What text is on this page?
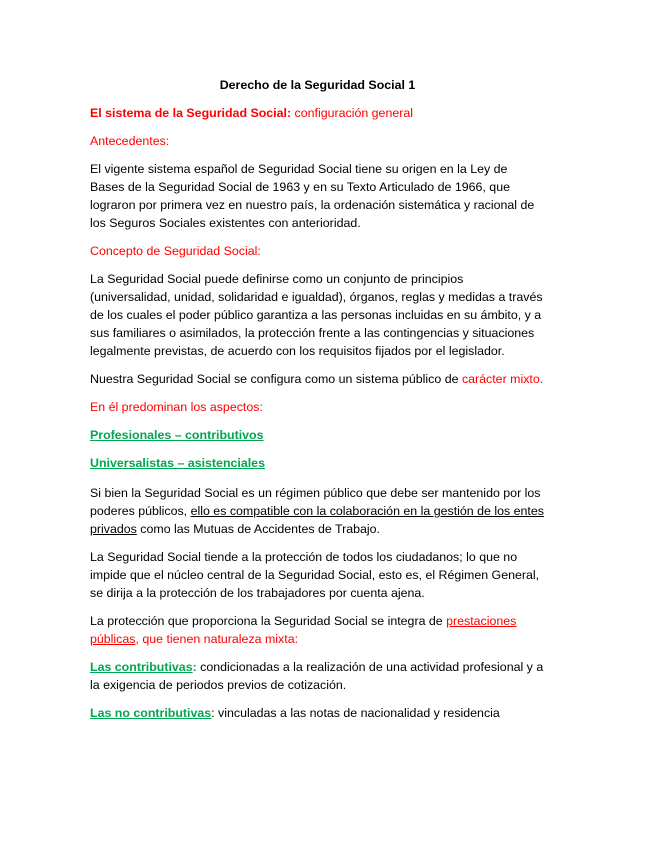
Derecho de la Seguridad Social 1

El sistema de la Seguridad Social: configuración general

Antecedentes:

El vigente sistema español de Seguridad Social tiene su origen en la Ley de Bases de la Seguridad Social de 1963 y en su Texto Articulado de 1966, que lograron por primera vez en nuestro país, la ordenación sistemática y racional de los Seguros Sociales existentes con anterioridad.

Concepto de Seguridad Social:

La Seguridad Social puede definirse como un conjunto de principios (universalidad, unidad, solidaridad e igualdad), órganos, reglas y medidas a través de los cuales el poder público garantiza a las personas incluidas en su ámbito, y a sus familiares o asimilados, la protección frente a las contingencias y situaciones legalmente previstas, de acuerdo con los requisitos fijados por el legislador.

Nuestra Seguridad Social se configura como un sistema público de carácter mixto.

En él predominan los aspectos:

Profesionales – contributivos

Universalistas – asistenciales

Si bien la Seguridad Social es un régimen público que debe ser mantenido por los poderes públicos, ello es compatible con la colaboración en la gestión de los entes privados como las Mutuas de Accidentes de Trabajo.

La Seguridad Social tiende a la protección de todos los ciudadanos; lo que no impide que el núcleo central de la Seguridad Social, esto es, el Régimen General, se dirija a la protección de los trabajadores por cuenta ajena.

La protección que proporciona la Seguridad Social se integra de prestaciones públicas, que tienen naturaleza mixta:

Las contributivas: condicionadas a la realización de una actividad profesional y a la exigencia de periodos previos de cotización.

Las no contributivas: vinculadas a las notas de nacionalidad y residencia
